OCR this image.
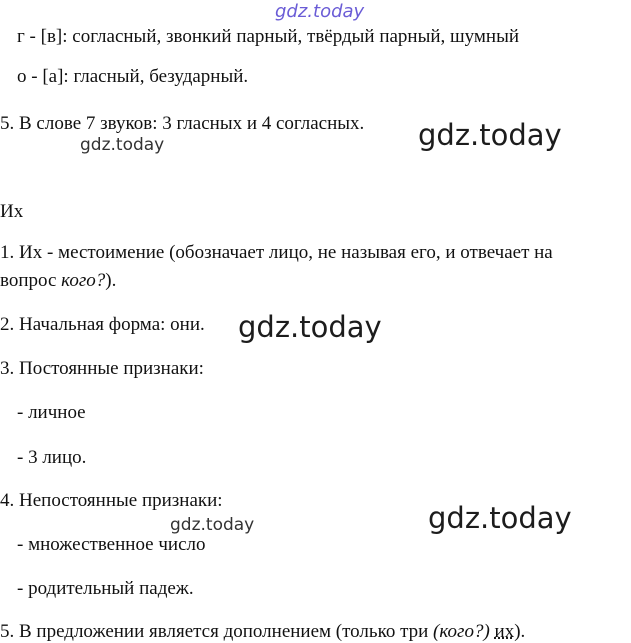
gdz.today
г - [в]: согласный, звонкий парный, твёрдый парный, шумный
о - [а]: гласный, безударный.
5. В слове 7 звуков: 3 гласных и 4 согласных.
gdz.today	gdz.today
Их
1. Их - местоимение (обозначает лицо, не называя его, и отвечает на
вопрос кого?).
2. Начальная форма: они. gdz.today
3. Постоянные признаки:
- личное
- 3 лицо.
4. Непостоянные признаки:
gdz.today	gdz.today
- множественное число
- родительный падеж.
5. В предложении является дополнением (только три (кого?) их).
